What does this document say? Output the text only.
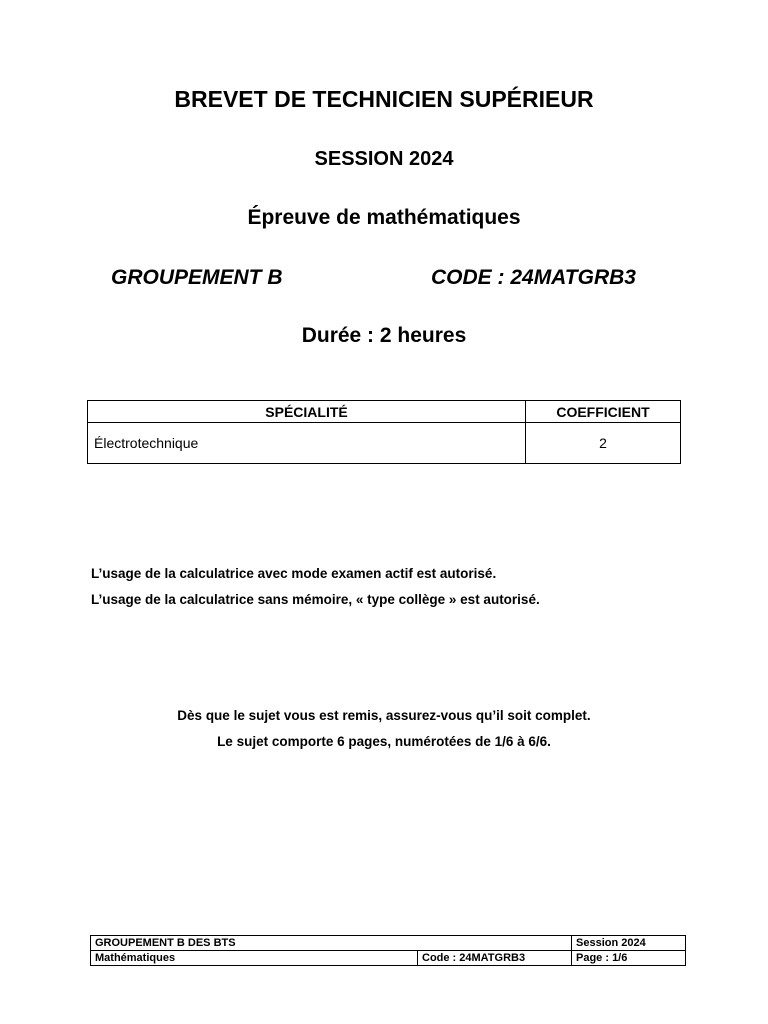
BREVET DE TECHNICIEN SUPÉRIEUR

SESSION 2024

Épreuve de mathématiques

GROUPEMENT B	CODE : 24MATGRB3

Durée : 2 heures

SPÉCIALITÉ	COEFFICIENT
Électrotechnique	2

L’usage de la calculatrice avec mode examen actif est autorisé.

L’usage de la calculatrice sans mémoire, « type collège » est autorisé.

Dès que le sujet vous est remis, assurez-vous qu’il soit complet.

Le sujet comporte 6 pages, numérotées de 1/6 à 6/6.

GROUPEMENT B DES BTS		Session 2024
Mathématiques	Code : 24MATGRB3	Page : 1/6
